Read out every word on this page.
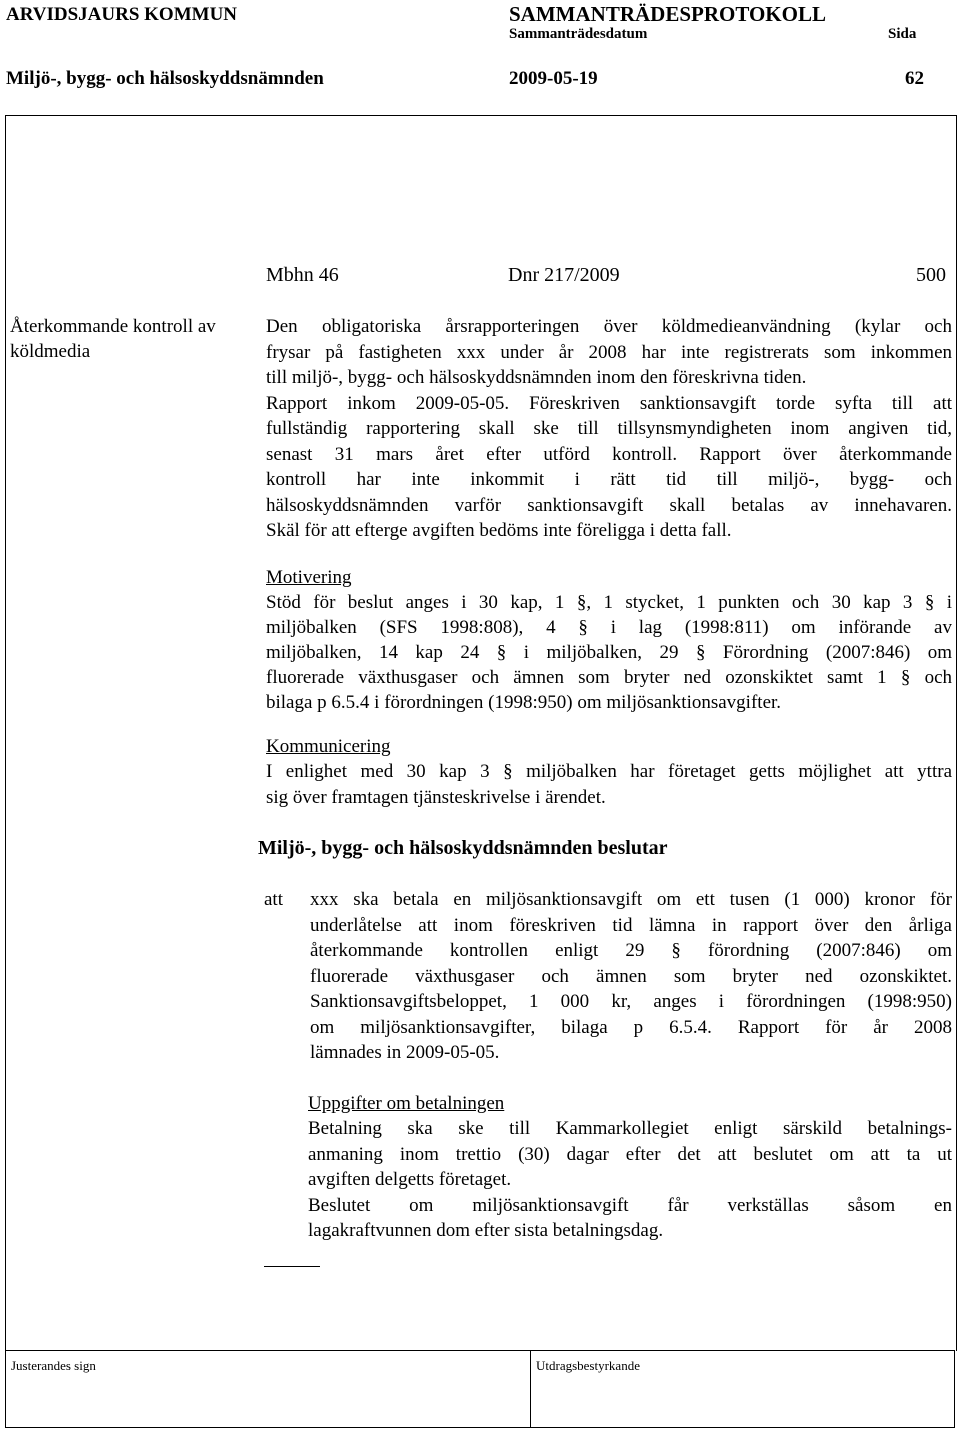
ARVIDSJAURS KOMMUN	SAMMANTRÄDESPROTOKOLL
Sammanträdesdatum	Sida
Miljö-, bygg- och hälsoskyddsnämnden	2009-05-19	62
Mbhn 46	Dnr 217/2009	500
Återkommande kontroll av
köldmedia
Den obligatoriska årsrapporteringen över köldmedieanvändning (kylar och
frysar på fastigheten xxx under år 2008 har inte registrerats som inkommen
till miljö-, bygg- och hälsoskyddsnämnden inom den föreskrivna tiden.
Rapport inkom 2009-05-05. Föreskriven sanktionsavgift torde syfta till att
fullständig rapportering skall ske till tillsynsmyndigheten inom angiven tid,
senast 31 mars året efter utförd kontroll. Rapport över återkommande
kontroll har inte inkommit i rätt tid till miljö-, bygg- och
hälsoskyddsnämnden varför sanktionsavgift skall betalas av innehavaren.
Skäl för att efterge avgiften bedöms inte föreligga i detta fall.
Motivering
Stöd för beslut anges i 30 kap, 1 §, 1 stycket, 1 punkten och 30 kap 3 § i
miljöbalken (SFS 1998:808), 4 § i lag (1998:811) om införande av
miljöbalken, 14 kap 24 § i miljöbalken, 29 § Förordning (2007:846) om
fluorerade växthusgaser och ämnen som bryter ned ozonskiktet samt 1 § och
bilaga p 6.5.4 i förordningen (1998:950) om miljösanktionsavgifter.
Kommunicering
I enlighet med 30 kap 3 § miljöbalken har företaget getts möjlighet att yttra
sig över framtagen tjänsteskrivelse i ärendet.
Miljö-, bygg- och hälsoskyddsnämnden beslutar
att xxx ska betala en miljösanktionsavgift om ett tusen (1 000) kronor för
underlåtelse att inom föreskriven tid lämna in rapport över den årliga
återkommande kontrollen enligt 29 § förordning (2007:846) om
fluorerade växthusgaser och ämnen som bryter ned ozonskiktet.
Sanktionsavgiftsbeloppet, 1 000 kr, anges i förordningen (1998:950)
om miljösanktionsavgifter, bilaga p 6.5.4. Rapport för år 2008
lämnades in 2009-05-05.
Uppgifter om betalningen
Betalning ska ske till Kammarkollegiet enligt särskild betalnings-
anmaning inom trettio (30) dagar efter det att beslutet om att ta ut
avgiften delgetts företaget.
Beslutet om miljösanktionsavgift får verkställas såsom en
lagakraftvunnen dom efter sista betalningsdag.
Justerandes sign	Utdragsbestyrkande
